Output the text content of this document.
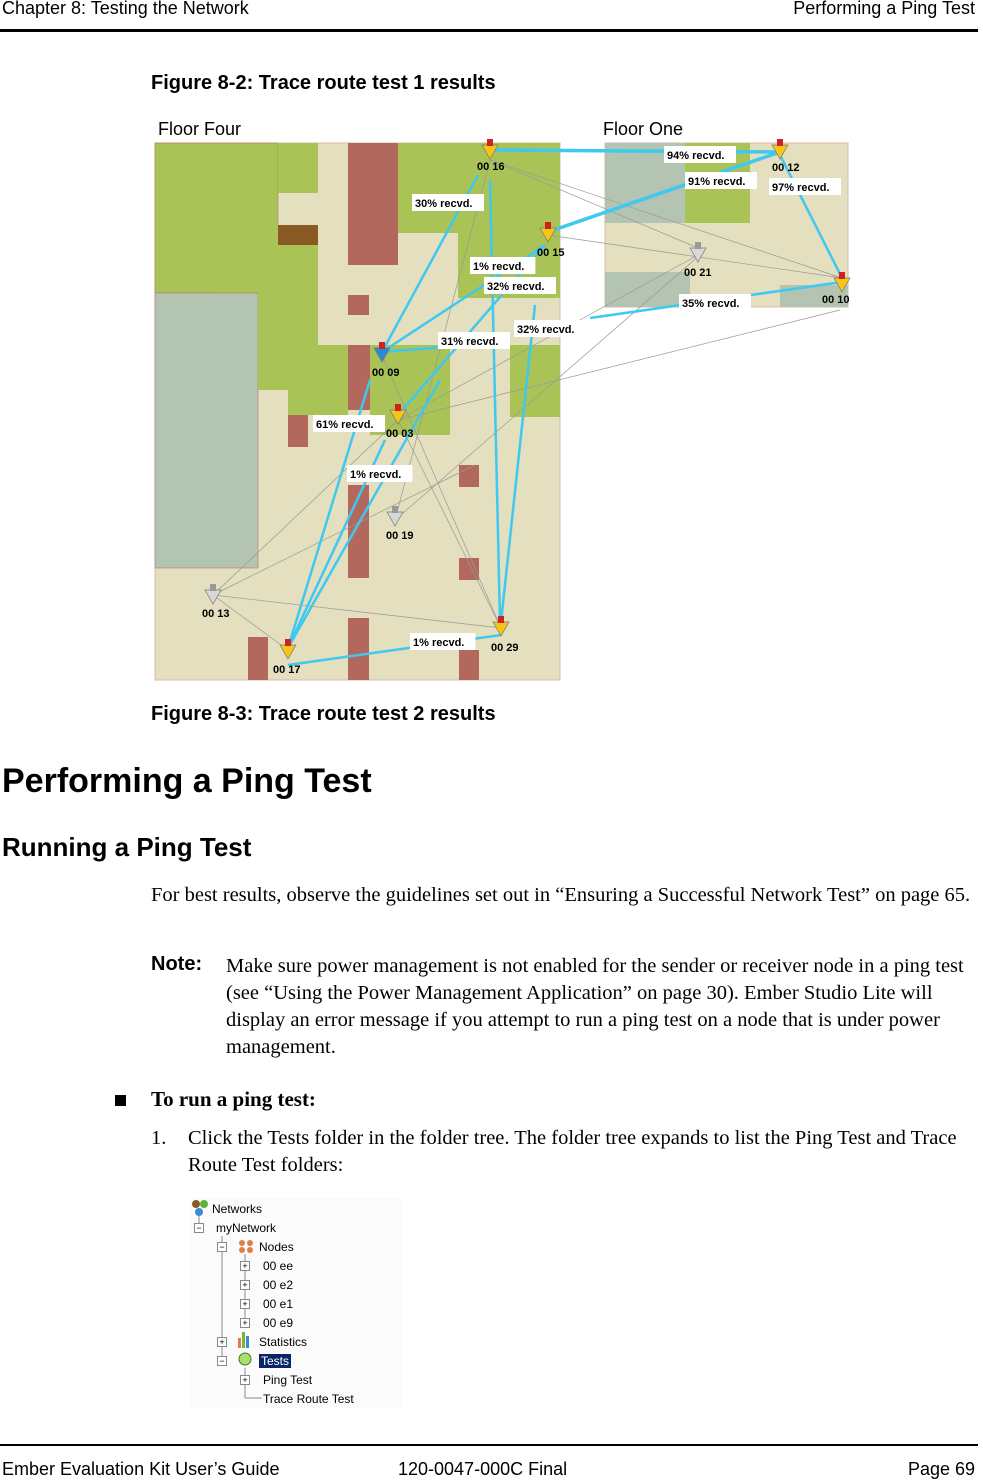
Chapter 8: Testing the Network	Performing a Ping Test
Figure 8-2: Trace route test 1 results
00 16	00 12
00 15
00 21
00 10
00 09
00 03
00 19
00 13
00 29
00 17
94% recvd.
91% recvd. 97% recvd.
30% recvd.
1% recvd.
32% recvd.
32% recvd.
31% recvd.
35% recvd.
61% recvd.
1% recvd.
1% recvd.
Floor Four	Floor One
Figure 8-3: Trace route test 2 results
Performing a Ping Test
Running a Ping Test
For best results, observe the guidelines set out in “Ensuring a Successful Network Test” on page 65.
Note: Make sure power management is not enabled for the sender or receiver node in a ping test (see “Using the Power Management Application” on page 30). Ember Studio Lite will display an error message if you attempt to run a ping test on a node that is under power management.
To run a ping test:
1. Click the Tests folder in the folder tree. The folder tree expands to list the Ping Test and Trace Route Test folders:
Networks
myNetwork
−
Nodes
−
00 ee
+
00 e2
+
00 e1
+
00 e9
+
Statistics
+
Tests
−
Ping Test
+
Trace Route Test
Ember Evaluation Kit User’s Guide	120-0047-000C Final	Page 69
